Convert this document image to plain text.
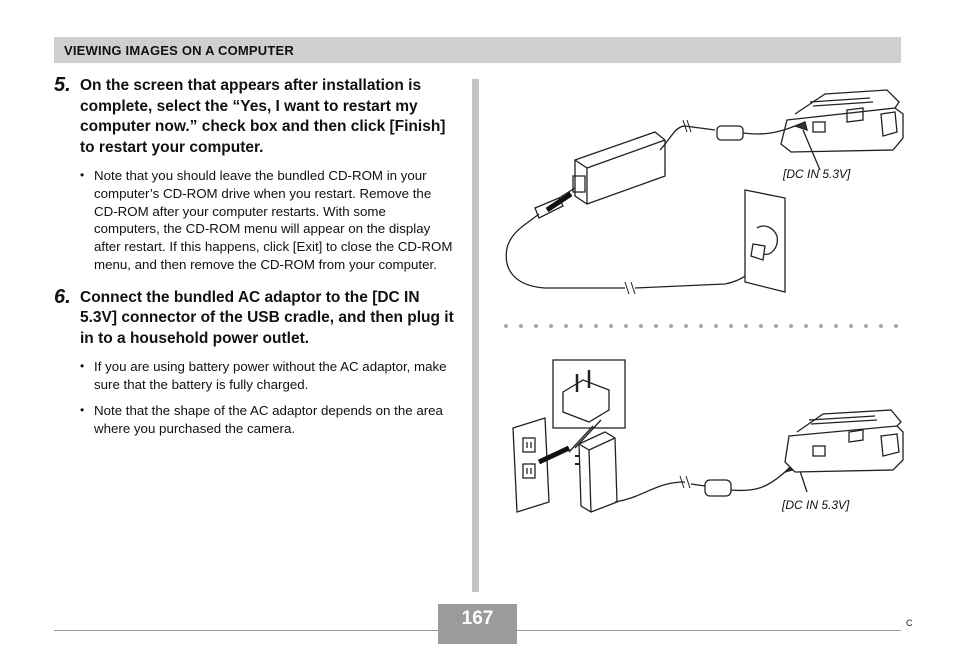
VIEWING IMAGES ON A COMPUTER
5. On the screen that appears after installation is complete, select the “Yes, I want to restart my computer now.” check box and then click [Finish] to restart your computer.
• Note that you should leave the bundled CD-ROM in your computer’s CD-ROM drive when you restart. Remove the CD-ROM after your computer restarts. With some computers, the CD-ROM menu will appear on the display after restart. If this happens, click [Exit] to close the CD-ROM menu, and then remove the CD-ROM from your computer.
6. Connect the bundled AC adaptor to the [DC IN 5.3V] connector of the USB cradle, and then plug it in to a household power outlet.
• If you are using battery power without the AC adaptor, make sure that the battery is fully charged.
• Note that the shape of the AC adaptor depends on the area where you purchased the camera.
[DC IN 5.3V]
[DC IN 5.3V]
167	C
